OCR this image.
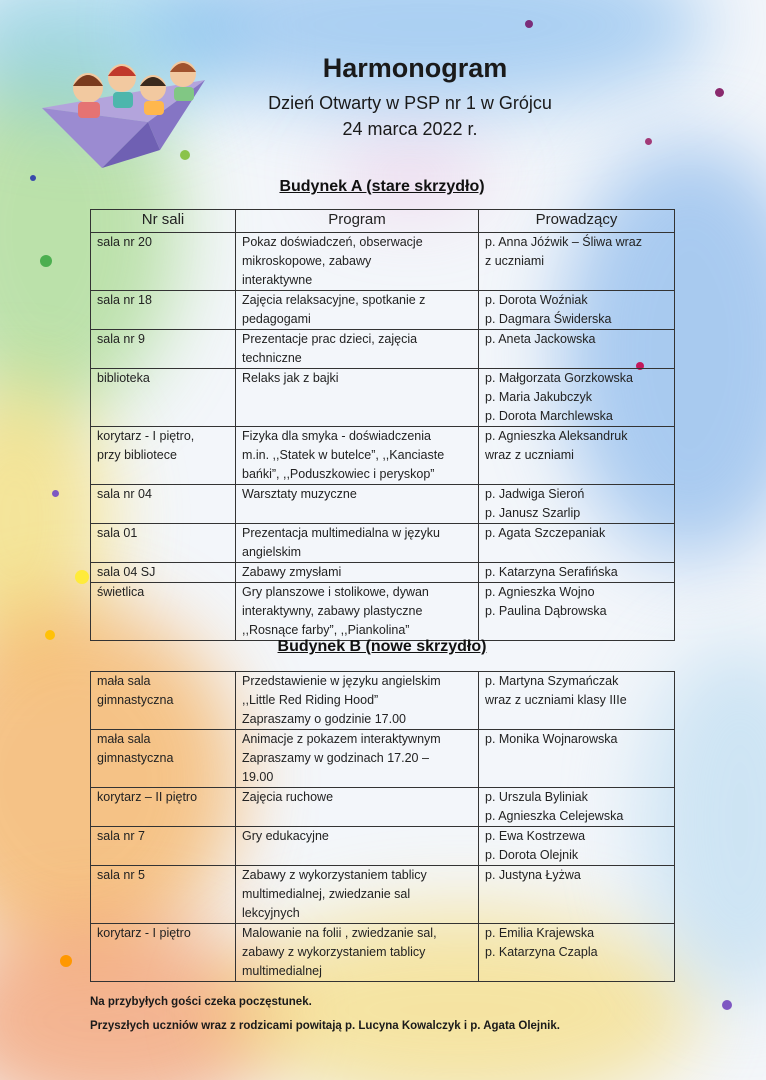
Harmonogram
Dzień Otwarty w PSP nr 1 w Grójcu
24 marca 2022 r.
Budynek A (stare skrzydło)
Nr sali	Program	Prowadzący

sala nr 20	Pokaz doświadczeń, obserwacje
mikroskopowe, zabawy
interaktywne	p. Anna Jóźwik – Śliwa wraz
z uczniami

sala nr 18	Zajęcia relaksacyjne, spotkanie z
pedagogami	p. Dorota Woźniak
p. Dagmara Świderska

sala nr 9	Prezentacje prac dzieci, zajęcia
techniczne	p. Aneta Jackowska

biblioteka	Relaks jak z bajki	p. Małgorzata Gorzkowska
p. Maria Jakubczyk
p. Dorota Marchlewska

korytarz - I piętro,
przy bibliotece	Fizyka dla smyka - doświadczenia
m.in. ,,Statek w butelce”, ,,Kanciaste
bańki”, ,,Poduszkowiec i peryskop”	p. Agnieszka Aleksandruk
wraz z uczniami

sala nr 04	Warsztaty muzyczne	p. Jadwiga Sieroń
p. Janusz Szarlip

sala 01	Prezentacja multimedialna w języku
angielskim	p. Agata Szczepaniak

sala 04 SJ	Zabawy zmysłami	p. Katarzyna Serafińska

świetlica	Gry planszowe i stolikowe, dywan
interaktywny, zabawy plastyczne
,,Rosnące farby”, ,,Piankolina”	p. Agnieszka Wojno
p. Paulina Dąbrowska
Budynek B (nowe skrzydło)
mała sala
gimnastyczna	Przedstawienie w języku angielskim
,,Little Red Riding Hood”
Zapraszamy o godzinie 17.00	p. Martyna Szymańczak
wraz z uczniami klasy IIIe

mała sala
gimnastyczna	Animacje z pokazem interaktywnym
Zapraszamy w godzinach 17.20 –
19.00	p. Monika Wojnarowska

korytarz – II piętro	Zajęcia ruchowe	p. Urszula Byliniak
p. Agnieszka Celejewska

sala nr 7	Gry edukacyjne	p. Ewa Kostrzewa
p. Dorota Olejnik

sala nr 5	Zabawy z wykorzystaniem tablicy
multimedialnej, zwiedzanie sal
lekcyjnych	p. Justyna Łyżwa

korytarz - I piętro	Malowanie na folii , zwiedzanie sal,
zabawy z wykorzystaniem tablicy
multimedialnej	p. Emilia Krajewska
p. Katarzyna Czapla
Na przybyłych gości czeka poczęstunek.
Przyszłych uczniów wraz z rodzicami powitają p. Lucyna Kowalczyk i p. Agata Olejnik.
